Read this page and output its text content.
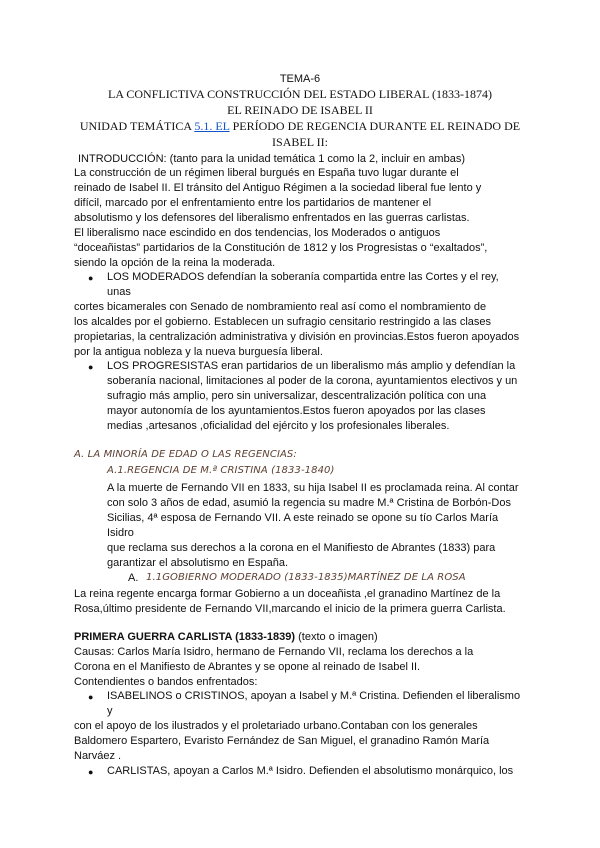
TEMA-6
LA CONFLICTIVA CONSTRUCCIÓN DEL ESTADO LIBERAL (1833-1874)
EL REINADO DE ISABEL II
UNIDAD TEMÁTICA 5.1. EL PERÍODO DE REGENCIA DURANTE EL REINADO DE
ISABEL II:
INTRODUCCIÓN: (tanto para la unidad temática 1 como la 2, incluir en ambas)
La construcción de un régimen liberal burgués en España tuvo lugar durante el
reinado de Isabel II. El tránsito del Antiguo Régimen a la sociedad liberal fue lento y
difícil, marcado por el enfrentamiento entre los partidarios de mantener el
absolutismo y los defensores del liberalismo enfrentados en las guerras carlistas.
El liberalismo nace escindido en dos tendencias, los Moderados o antiguos
“doceañistas” partidarios de la Constitución de 1812 y los Progresistas o “exaltados”,
siendo la opción de la reina la moderada.
● LOS MODERADOS defendían la soberanía compartida entre las Cortes y el rey,
unas
cortes bicamerales con Senado de nombramiento real así como el nombramiento de
los alcaldes por el gobierno. Establecen un sufragio censitario restringido a las clases
propietarias, la centralización administrativa y división en provincias.Estos fueron apoyados
por la antigua nobleza y la nueva burguesía liberal.
● LOS PROGRESISTAS eran partidarios de un liberalismo más amplio y defendían la
soberanía nacional, limitaciones al poder de la corona, ayuntamientos electivos y un
sufragio más amplio, pero sin universalizar, descentralización política con una
mayor autonomía de los ayuntamientos.Estos fueron apoyados por las clases
medias ,artesanos ,oficialidad del ejército y los profesionales liberales.
A. LA MINORÍA DE EDAD O LAS REGENCIAS:
A.1.REGENCIA DE M.ª CRISTINA (1833-1840)
A la muerte de Fernando VII en 1833, su hija Isabel II es proclamada reina. Al contar
con solo 3 años de edad, asumió la regencia su madre M.ª Cristina de Borbón-Dos
Sicilias, 4ª esposa de Fernando VII. A este reinado se opone su tío Carlos María
Isidro
que reclama sus derechos a la corona en el Manifiesto de Abrantes (1833) para
garantizar el absolutismo en España.
A. 1.1GOBIERNO MODERADO (1833-1835)MARTÍNEZ DE LA ROSA
La reina regente encarga formar Gobierno a un doceañista ,el granadino Martínez de la
Rosa,último presidente de Fernando VII,marcando el inicio de la primera guerra Carlista.
PRIMERA GUERRA CARLISTA (1833-1839) (texto o imagen)
Causas: Carlos María Isidro, hermano de Fernando VII, reclama los derechos a la
Corona en el Manifiesto de Abrantes y se opone al reinado de Isabel II.
Contendientes o bandos enfrentados:
● ISABELINOS o CRISTINOS, apoyan a Isabel y M.ª Cristina. Defienden el liberalismo
y
con el apoyo de los ilustrados y el proletariado urbano.Contaban con los generales
Baldomero Espartero, Evaristo Fernández de San Miguel, el granadino Ramón María
Narváez .
● CARLISTAS, apoyan a Carlos M.ª Isidro. Defienden el absolutismo monárquico, los
